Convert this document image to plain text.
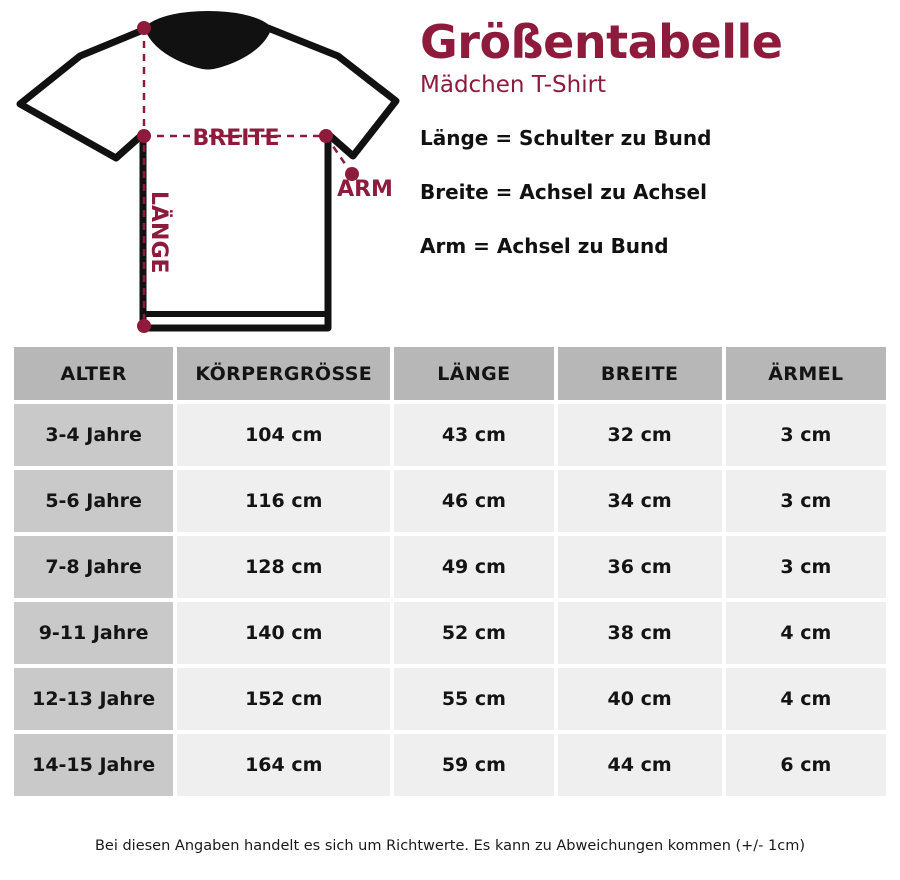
BREITE
LÄNGE
ARM
Größentabelle
Mädchen T-Shirt
Länge = Schulter zu Bund
Breite = Achsel zu Achsel
Arm = Achsel zu Bund
ALTER	KÖRPERGRÖSSE	LÄNGE	BREITE	ÄRMEL
3-4 Jahre	104 cm	43 cm	32 cm	3 cm
5-6 Jahre	116 cm	46 cm	34 cm	3 cm
7-8 Jahre	128 cm	49 cm	36 cm	3 cm
9-11 Jahre	140 cm	52 cm	38 cm	4 cm
12-13 Jahre	152 cm	55 cm	40 cm	4 cm
14-15 Jahre	164 cm	59 cm	44 cm	6 cm
Bei diesen Angaben handelt es sich um Richtwerte. Es kann zu Abweichungen kommen (+/- 1cm)
